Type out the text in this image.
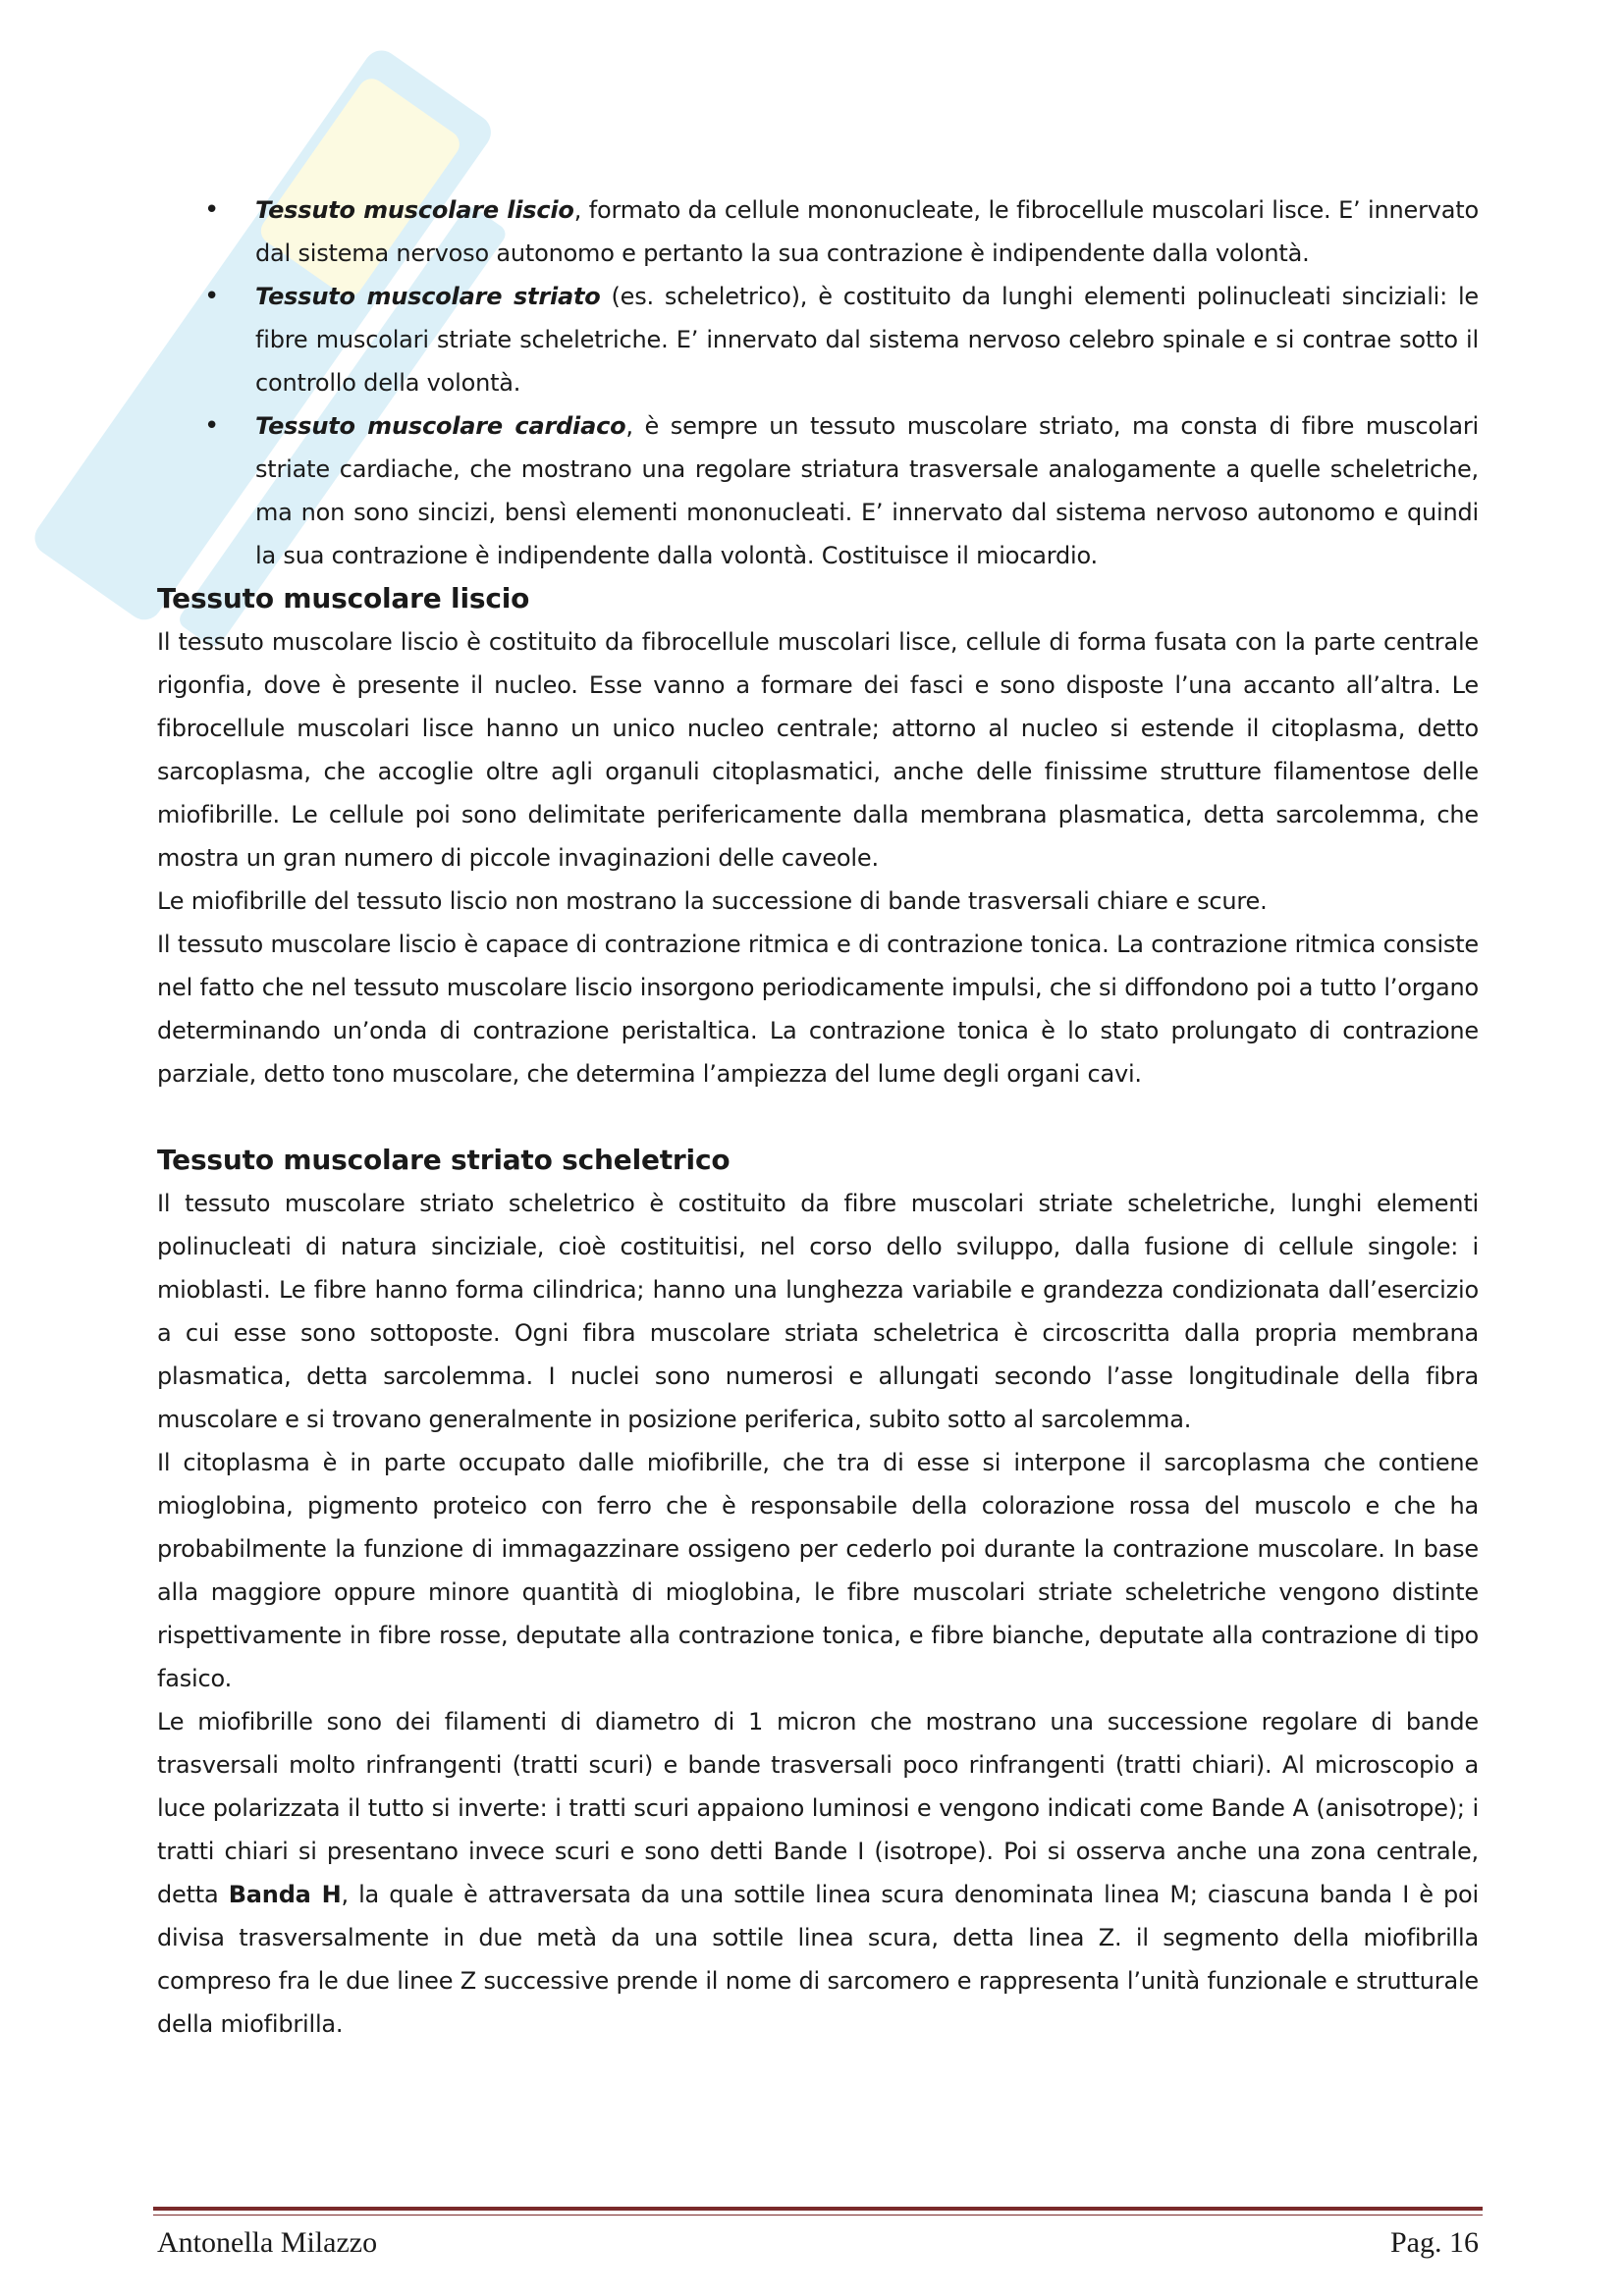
• Tessuto muscolare liscio, formato da cellule mononucleate, le fibrocellule muscolari lisce. E’ innervato dal sistema nervoso autonomo e pertanto la sua contrazione è indipendente dalla volontà.
• Tessuto muscolare striato (es. scheletrico), è costituito da lunghi elementi polinucleati sinciziali: le fibre muscolari striate scheletriche. E’ innervato dal sistema nervoso celebro spinale e si contrae sotto il controllo della volontà.
• Tessuto muscolare cardiaco, è sempre un tessuto muscolare striato, ma consta di fibre muscolari striate cardiache, che mostrano una regolare striatura trasversale analogamente a quelle scheletriche, ma non sono sincizi, bensì elementi mononucleati. E’ innervato dal sistema nervoso autonomo e quindi la sua contrazione è indipendente dalla volontà. Costituisce il miocardio.
Tessuto muscolare liscio

Il tessuto muscolare liscio è costituito da fibrocellule muscolari lisce, cellule di forma fusata con la parte centrale rigonfia, dove è presente il nucleo. Esse vanno a formare dei fasci e sono disposte l’una accanto all’altra. Le fibrocellule muscolari lisce hanno un unico nucleo centrale; attorno al nucleo si estende il citoplasma, detto sarcoplasma, che accoglie oltre agli organuli citoplasmatici, anche delle finissime strutture filamentose delle miofibrille. Le cellule poi sono delimitate perifericamente dalla membrana plasmatica, detta sarcolemma, che mostra un gran numero di piccole invaginazioni delle caveole.

Le miofibrille del tessuto liscio non mostrano la successione di bande trasversali chiare e scure.

Il tessuto muscolare liscio è capace di contrazione ritmica e di contrazione tonica. La contrazione ritmica consiste nel fatto che nel tessuto muscolare liscio insorgono periodicamente impulsi, che si diffondono poi a tutto l’organo determinando un’onda di contrazione peristaltica. La contrazione tonica è lo stato prolungato di contrazione parziale, detto tono muscolare, che determina l’ampiezza del lume degli organi cavi.

Tessuto muscolare striato scheletrico

Il tessuto muscolare striato scheletrico è costituito da fibre muscolari striate scheletriche, lunghi elementi polinucleati di natura sinciziale, cioè costituitisi, nel corso dello sviluppo, dalla fusione di cellule singole: i mioblasti. Le fibre hanno forma cilindrica; hanno una lunghezza variabile e grandezza condizionata dall’esercizio a cui esse sono sottoposte. Ogni fibra muscolare striata scheletrica è circoscritta dalla propria membrana plasmatica, detta sarcolemma. I nuclei sono numerosi e allungati secondo l’asse longitudinale della fibra muscolare e si trovano generalmente in posizione periferica, subito sotto al sarcolemma.

Il citoplasma è in parte occupato dalle miofibrille, che tra di esse si interpone il sarcoplasma che contiene mioglobina, pigmento proteico con ferro che è responsabile della colorazione rossa del muscolo e che ha probabilmente la funzione di immagazzinare ossigeno per cederlo poi durante la contrazione muscolare. In base alla maggiore oppure minore quantità di mioglobina, le fibre muscolari striate scheletriche vengono distinte rispettivamente in fibre rosse, deputate alla contrazione tonica, e fibre bianche, deputate alla contrazione di tipo fasico.

Le miofibrille sono dei filamenti di diametro di 1 micron che mostrano una successione regolare di bande trasversali molto rinfrangenti (tratti scuri) e bande trasversali poco rinfrangenti (tratti chiari). Al microscopio a luce polarizzata il tutto si inverte: i tratti scuri appaiono luminosi e vengono indicati come Bande A (anisotrope); i tratti chiari si presentano invece scuri e sono detti Bande I (isotrope). Poi si osserva anche una zona centrale, detta Banda H, la quale è attraversata da una sottile linea scura denominata linea M; ciascuna banda I è poi divisa trasversalmente in due metà da una sottile linea scura, detta linea Z. il segmento della miofibrilla compreso fra le due linee Z successive prende il nome di sarcomero e rappresenta l’unità funzionale e strutturale della miofibrilla.

Antonella Milazzo	Pag. 16
